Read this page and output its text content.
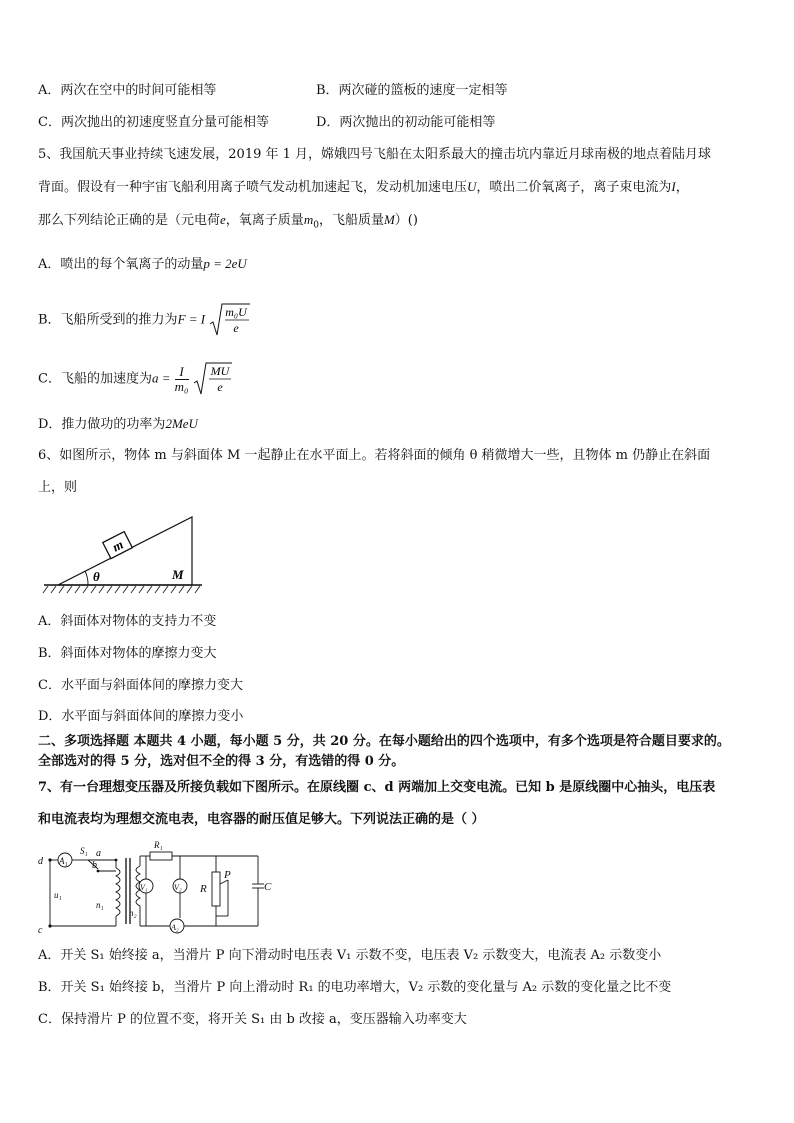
A．两次在空中的时间可能相等	B．两次碰的篮板的速度一定相等
C．两次抛出的初速度竖直分量可能相等	D．两次抛出的初动能可能相等
5、我国航天事业持续飞速发展，2019 年 1 月，嫦娥四号飞船在太阳系最大的撞击坑内靠近月球南极的地点着陆月球
背面。假设有一种宇宙飞船利用离子喷气发动机加速起飞，发动机加速电压U，喷出二价氧离子，离子束电流为I，
那么下列结论正确的是（元电荷e，氧离子质量$m_0$，飞船质量M）()
A．喷出的每个氧离子的动量p = 2eU
B．飞船所受到的推力为F = I m₀U
e
C．飞船的加速度为$a = \frac{I}{\text{m₀}}$
MU
e
D．推力做功的功率为2MeU
6、如图所示，物体 m 与斜面体 M 一起静止在水平面上。若将斜面的倾角 θ 稍微增大一些，且物体 m 仍静止在斜面
上，则
m
θ	M
A．斜面体对物体的支持力不变
B．斜面体对物体的摩擦力变大
C．水平面与斜面体间的摩擦力变大
D．水平面与斜面体间的摩擦力变小
二、多项选择题 本题共 4 小题，每小题 5 分，共 20 分。在每小题给出的四个选项中，有多个选项是符合题目要求的。
全部选对的得 5 分，选对但不全的得 3 分，有选错的得 0 分。
7、有一台理想变压器及所接负载如下图所示。在原线圈 c、d 两端加上交变电流。已知 b 是原线圈中心抽头，电压表
和电流表均为理想交流电表，电容器的耐压值足够大。下列说法正确的是（ ）
d
c
A₁
S₁ a
b
u₁
n₁
n₂
R₁
V₁	V₂ R
P
C
A₂
A．开关 S₁ 始终接 a，当滑片 P 向下滑动时电压表 V₁ 示数不变，电压表 V₂ 示数变大，电流表 A₂ 示数变小
B．开关 S₁ 始终接 b，当滑片 P 向上滑动时 R₁ 的电功率增大，V₂ 示数的变化量与 A₂ 示数的变化量之比不变
C．保持滑片 P 的位置不变，将开关 S₁ 由 b 改接 a，变压器输入功率变大
